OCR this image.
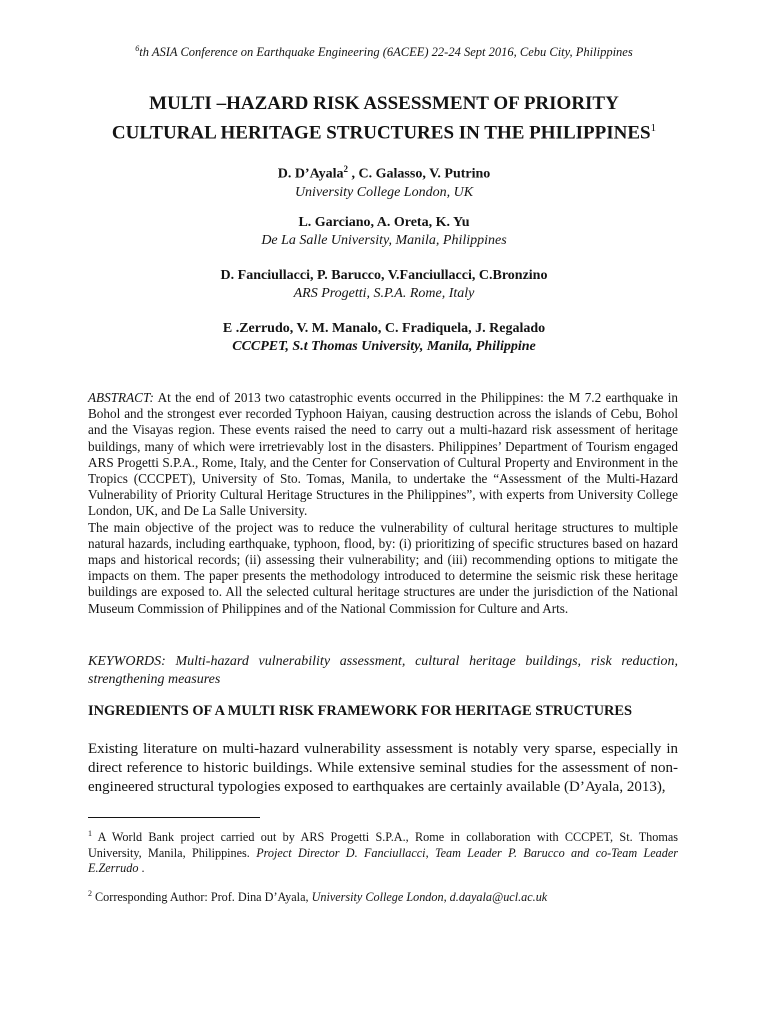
$^6$th ASIA Conference on Earthquake Engineering (6ACEE) 22-24 Sept 2016, Cebu City, Philippines
MULTI –HAZARD RISK ASSESSMENT OF PRIORITY
CULTURAL HERITAGE STRUCTURES IN THE PHILIPPINES$^1$
D. D’Ayala$^2$ , C. Galasso, V. Putrino
University College London, UK
L. Garciano, A. Oreta, K. Yu
De La Salle University, Manila, Philippines
D. Fanciullacci, P. Barucco, V.Fanciullacci, C.Bronzino
ARS Progetti, S.P.A. Rome, Italy
E .Zerrudo, V. M. Manalo, C. Fradiquela, J. Regalado
CCCPET, S.t Thomas University, Manila, Philippine

ABSTRACT: At the end of 2013 two catastrophic events occurred in the Philippines: the M 7.2 earthquake in Bohol and the strongest ever recorded Typhoon Haiyan, causing destruction across the islands of Cebu, Bohol and the Visayas region. These events raised the need to carry out a multi-hazard risk assessment of heritage buildings, many of which were irretrievably lost in the disasters. Philippines’ Department of Tourism engaged ARS Progetti S.P.A., Rome, Italy, and the Center for Conservation of Cultural Property and Environment in the Tropics (CCCPET), University of Sto. Tomas, Manila, to undertake the “Assessment of the Multi-Hazard Vulnerability of Priority Cultural Heritage Structures in the Philippines”, with experts from University College London, UK, and De La Salle University.

The main objective of the project was to reduce the vulnerability of cultural heritage structures to multiple natural hazards, including earthquake, typhoon, flood, by: (i) prioritizing of specific structures based on hazard maps and historical records; (ii) assessing their vulnerability; and (iii) recommending options to mitigate the impacts on them. The paper presents the methodology introduced to determine the seismic risk these heritage buildings are exposed to. All the selected cultural heritage structures are under the jurisdiction of the National Museum Commission of Philippines and of the National Commission for Culture and Arts.

KEYWORDS: Multi-hazard vulnerability assessment, cultural heritage buildings, risk reduction, strengthening measures
INGREDIENTS OF A MULTI RISK FRAMEWORK FOR HERITAGE STRUCTURES

Existing literature on multi-hazard vulnerability assessment is notably very sparse, especially in direct reference to historic buildings. While extensive seminal studies for the assessment of non-engineered structural typologies exposed to earthquakes are certainly available (D’Ayala, 2013),

$^1$ A World Bank project carried out by ARS Progetti S.P.A., Rome in collaboration with CCCPET, St. Thomas University, Manila, Philippines. Project Director D. Fanciullacci, Team Leader P. Barucco and co-Team Leader E.Zerrudo .

$^2$ Corresponding Author: Prof. Dina D’Ayala, University College London, d.dayala@ucl.ac.uk
